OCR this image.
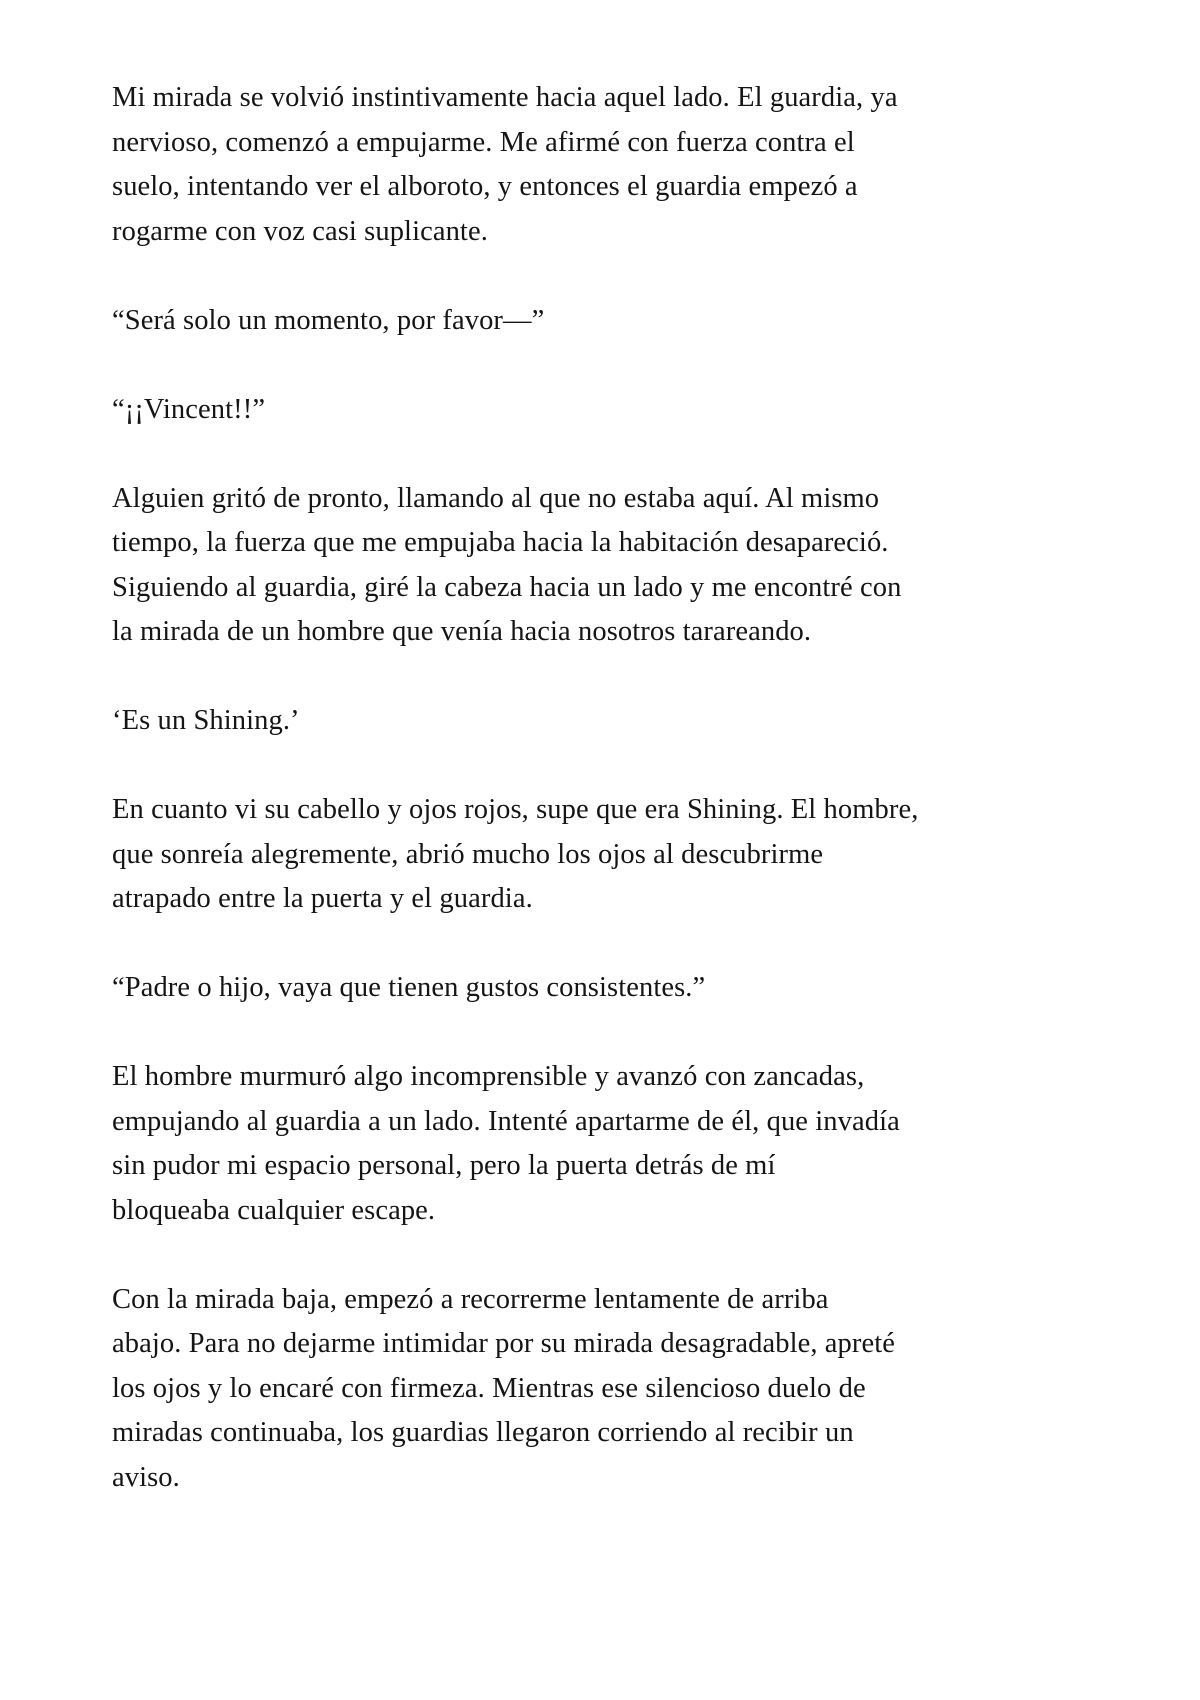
Mi mirada se volvió instintivamente hacia aquel lado. El guardia, ya
nervioso, comenzó a empujarme. Me afirmé con fuerza contra el
suelo, intentando ver el alboroto, y entonces el guardia empezó a
rogarme con voz casi suplicante.

“Será solo un momento, por favor—”

“¡¡Vincent!!”

Alguien gritó de pronto, llamando al que no estaba aquí. Al mismo
tiempo, la fuerza que me empujaba hacia la habitación desapareció.
Siguiendo al guardia, giré la cabeza hacia un lado y me encontré con
la mirada de un hombre que venía hacia nosotros tarareando.

‘Es un Shining.’

En cuanto vi su cabello y ojos rojos, supe que era Shining. El hombre,
que sonreía alegremente, abrió mucho los ojos al descubrirme
atrapado entre la puerta y el guardia.

“Padre o hijo, vaya que tienen gustos consistentes.”

El hombre murmuró algo incomprensible y avanzó con zancadas,
empujando al guardia a un lado. Intenté apartarme de él, que invadía
sin pudor mi espacio personal, pero la puerta detrás de mí
bloqueaba cualquier escape.

Con la mirada baja, empezó a recorrerme lentamente de arriba
abajo. Para no dejarme intimidar por su mirada desagradable, apreté
los ojos y lo encaré con firmeza. Mientras ese silencioso duelo de
miradas continuaba, los guardias llegaron corriendo al recibir un
aviso.
